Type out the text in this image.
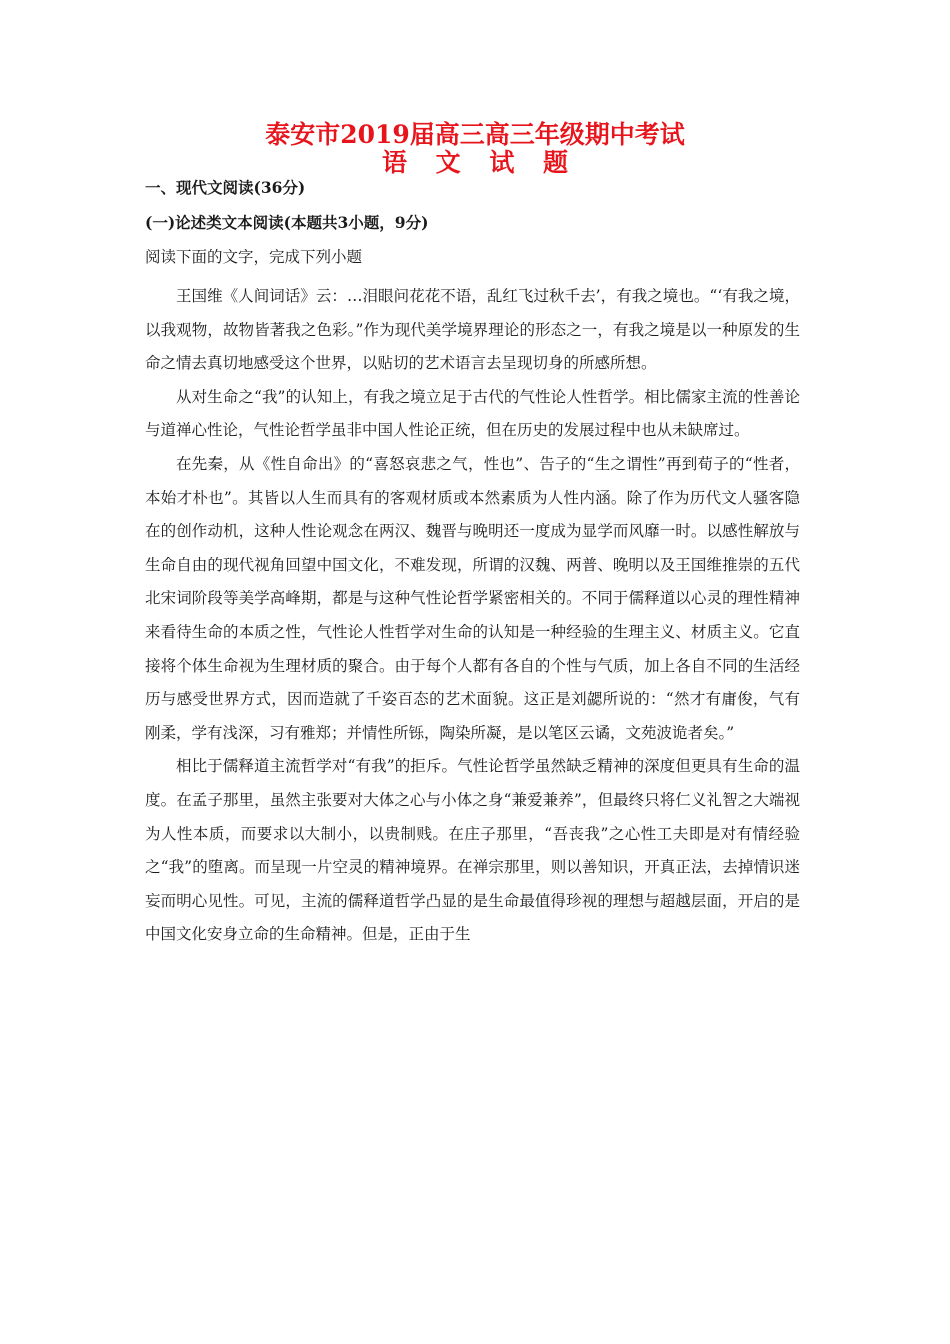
泰安市2019届高三高三年级期中考试
语 文 试 题

一、现代文阅读(36分)

(一)论述类文本阅读(本题共3小题，9分)

阅读下面的文字，完成下列小题

王国维《人间词话》云：…泪眼问花花不语，乱红飞过秋千去’，有我之境也。“‘有我之境，以我观物，故物皆著我之色彩。”作为现代美学境界理论的形态之一，有我之境是以一种原发的生命之情去真切地感受这个世界，以贴切的艺术语言去呈现切身的所感所想。

从对生命之“我”的认知上，有我之境立足于古代的气性论人性哲学。相比儒家主流的性善论与道禅心性论，气性论哲学虽非中国人性论正统，但在历史的发展过程中也从未缺席过。

在先秦，从《性自命出》的“喜怒哀悲之气，性也”、告子的“生之谓性”再到荀子的“性者，本始才朴也”。其皆以人生而具有的客观材质或本然素质为人性内涵。除了作为历代文人骚客隐在的创作动机，这种人性论观念在两汉、魏晋与晚明还一度成为显学而风靡一时。以感性解放与生命自由的现代视角回望中国文化，不难发现，所谓的汉魏、两普、晚明以及王国维推崇的五代北宋词阶段等美学高峰期，都是与这种气性论哲学紧密相关的。不同于儒释道以心灵的理性精神来看待生命的本质之性，气性论人性哲学对生命的认知是一种经验的生理主义、材质主义。它直接将个体生命视为生理材质的聚合。由于每个人都有各自的个性与气质，加上各自不同的生活经历与感受世界方式，因而造就了千姿百态的艺术面貌。这正是刘勰所说的：“然才有庸俊，气有刚柔，学有浅深，习有雅郑；并情性所铄，陶染所凝，是以笔区云谲，文苑波诡者矣。”

相比于儒释道主流哲学对“有我”的拒斥。气性论哲学虽然缺乏精神的深度但更具有生命的温度。在孟子那里，虽然主张要对大体之心与小体之身“兼爱兼养”，但最终只将仁义礼智之大端视为人性本质，而要求以大制小，以贵制贱。在庄子那里，“吾丧我”之心性工夫即是对有情经验之“我”的堕离。而呈现一片空灵的精神境界。在禅宗那里，则以善知识，开真正法，去掉情识迷妄而明心见性。可见，主流的儒释道哲学凸显的是生命最值得珍视的理想与超越层面，开启的是中国文化安身立命的生命精神。但是，正由于生
